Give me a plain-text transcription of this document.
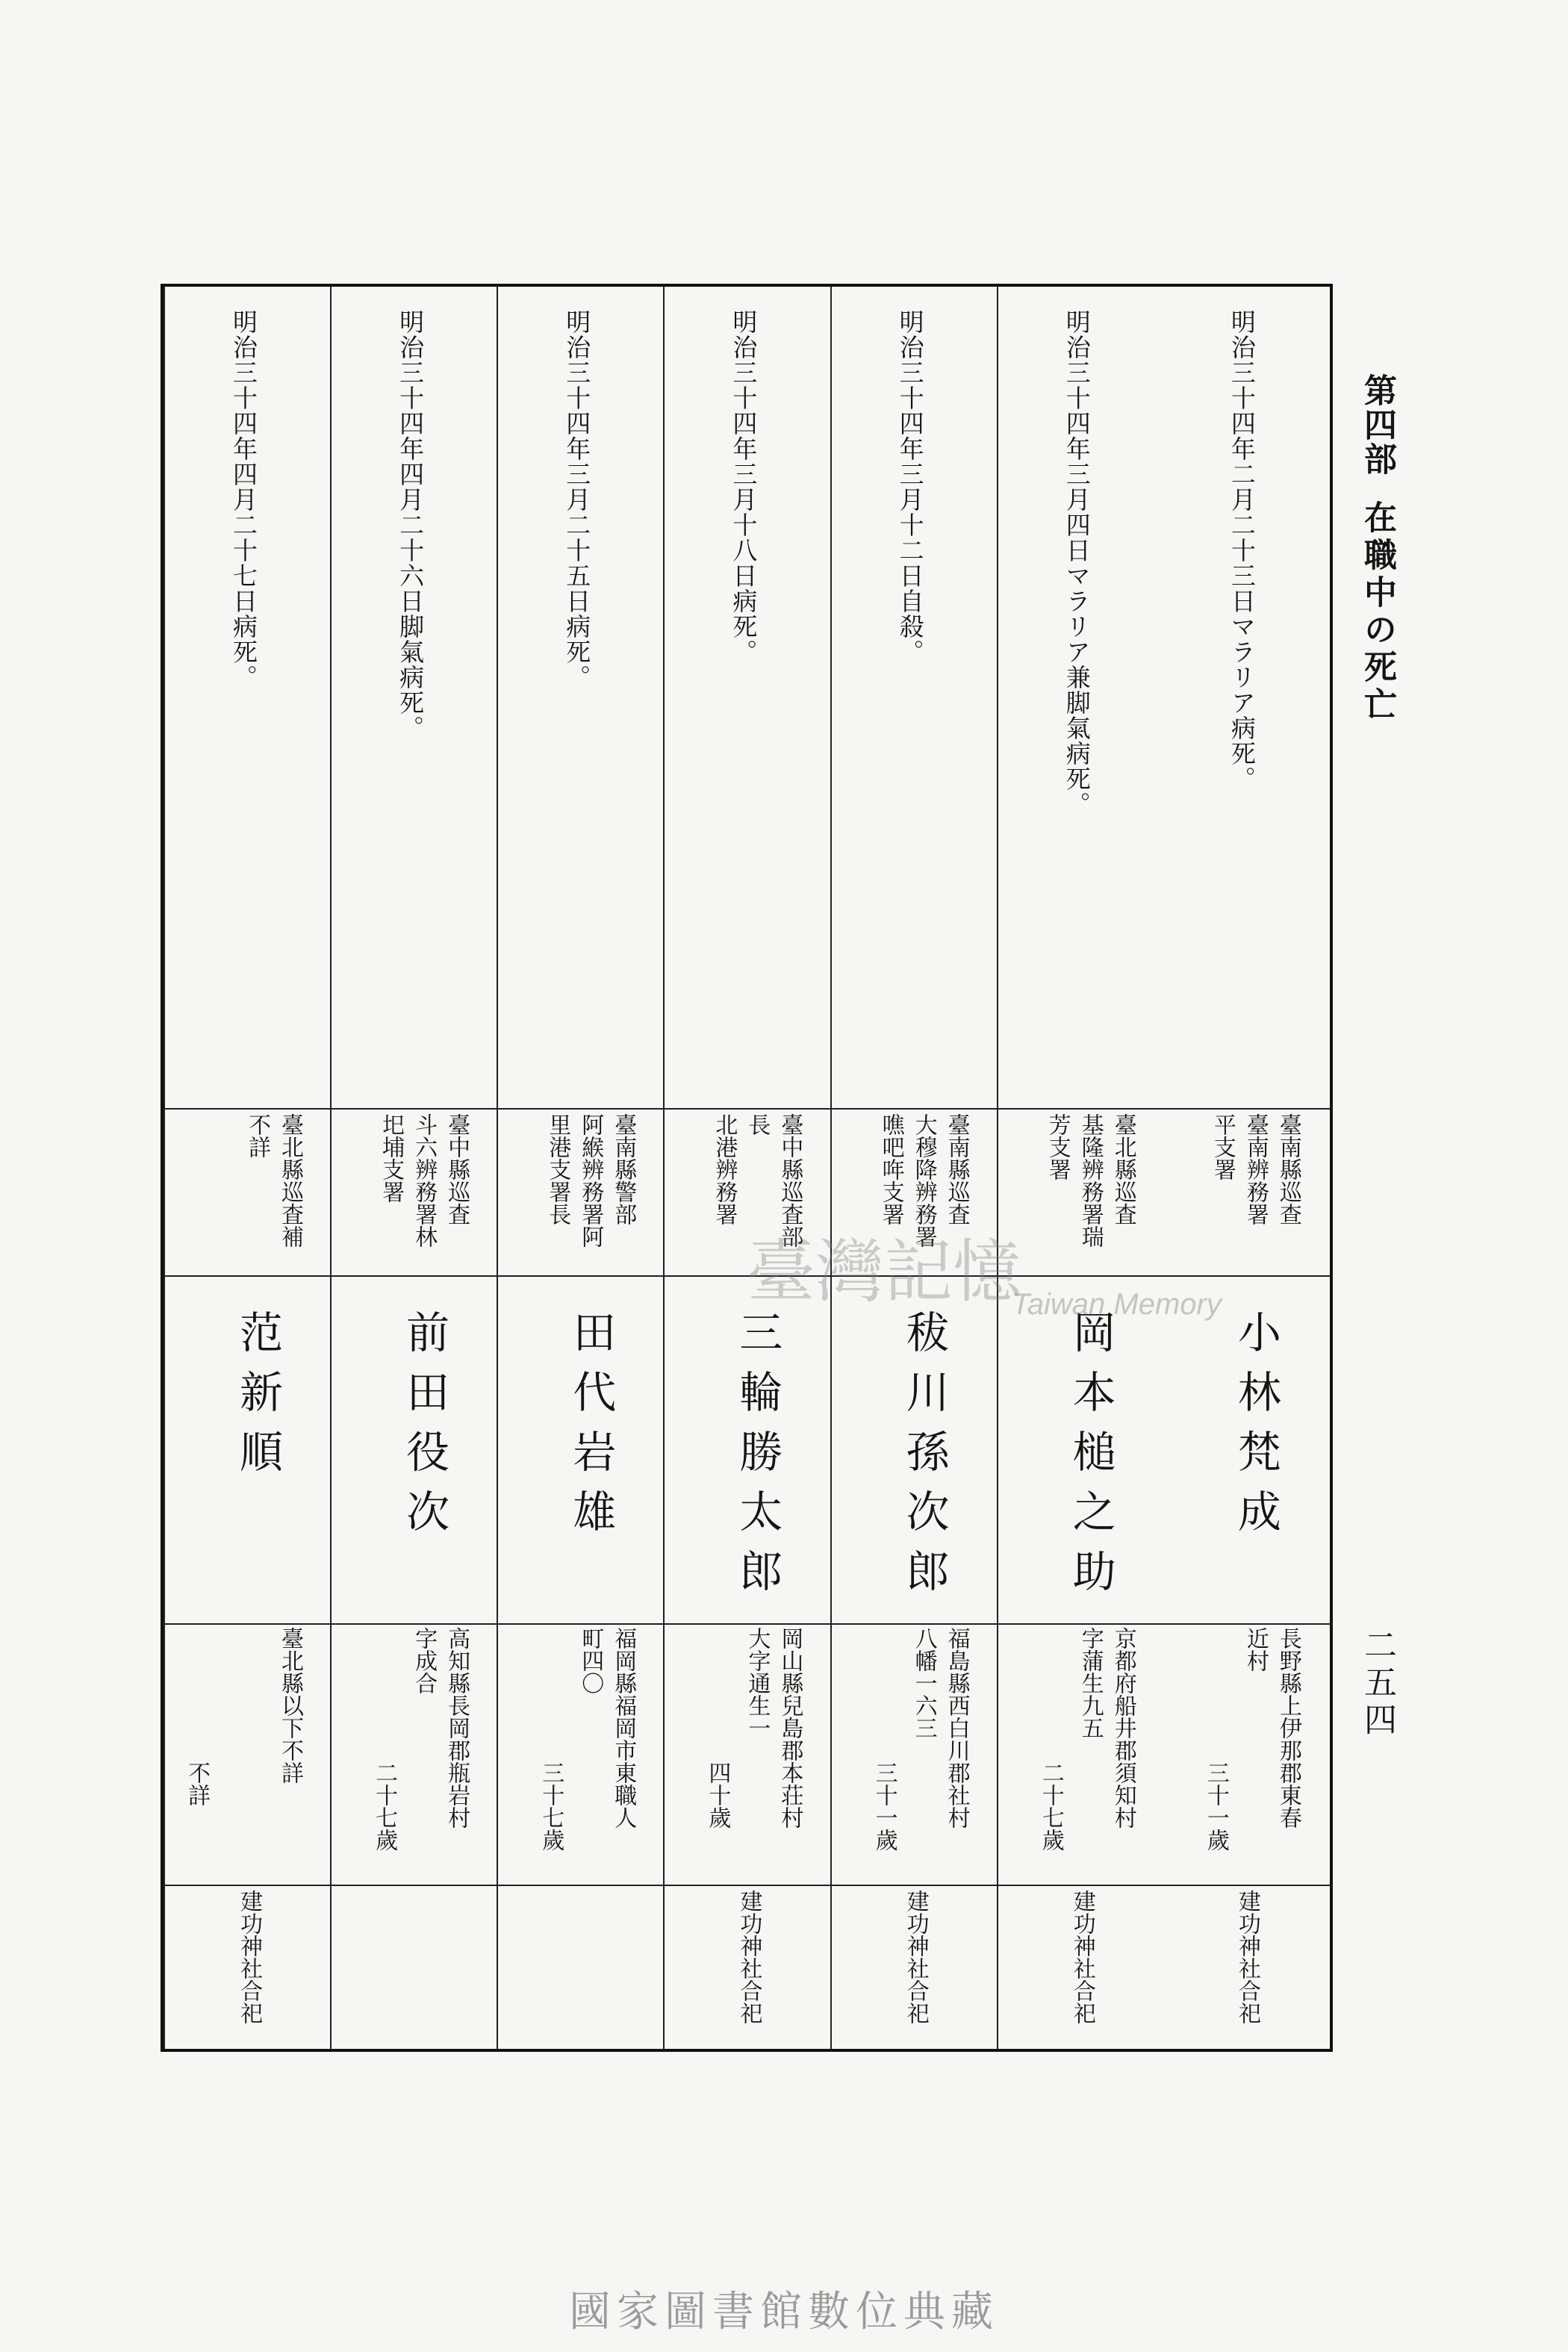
第四部
在職中の死亡
二五四
明治三十四年二月二十三日マラリア病死。
臺南縣巡查
臺南辨務署
平支署
小林梵成
長野縣上伊那郡東春
近村
三十一歲
建功神社合祀
明治三十四年三月四日マラリア兼脚氣病死。
臺北縣巡査
基隆辨務署瑞
芳支署
岡本槌之助
京都府船井郡須知村
字蒲生九五
二十七歲
建功神社合祀
明治三十四年三月十二日自殺。
臺南縣巡査
大穆降辨務署
噍吧哖支署
秡川孫次郎
福島縣西白川郡社村
八幡一六三
三十一歲
建功神社合祀
明治三十四年三月十八日病死。
臺中縣巡査部
長
北港辨務署
三輪勝太郎
岡山縣兒島郡本荘村
大字通生一
四十歲
建功神社合祀
明治三十四年三月二十五日病死。
臺南縣警部
阿緱辨務署阿
里港支署長
田代岩雄
福岡縣福岡市東職人
町四〇
三十七歲
明治三十四年四月二十六日脚氣病死。
臺中縣巡査
斗六辨務署林
圯埔支署
前田役次
高知縣長岡郡瓶岩村
字成合
二十七歲
明治三十四年四月二十七日病死。
臺北縣巡査補
不詳
范新順
臺北縣以下不詳
不詳
建功神社合祀
臺灣記憶
Taiwan Memory
國家圖書館數位典藏
